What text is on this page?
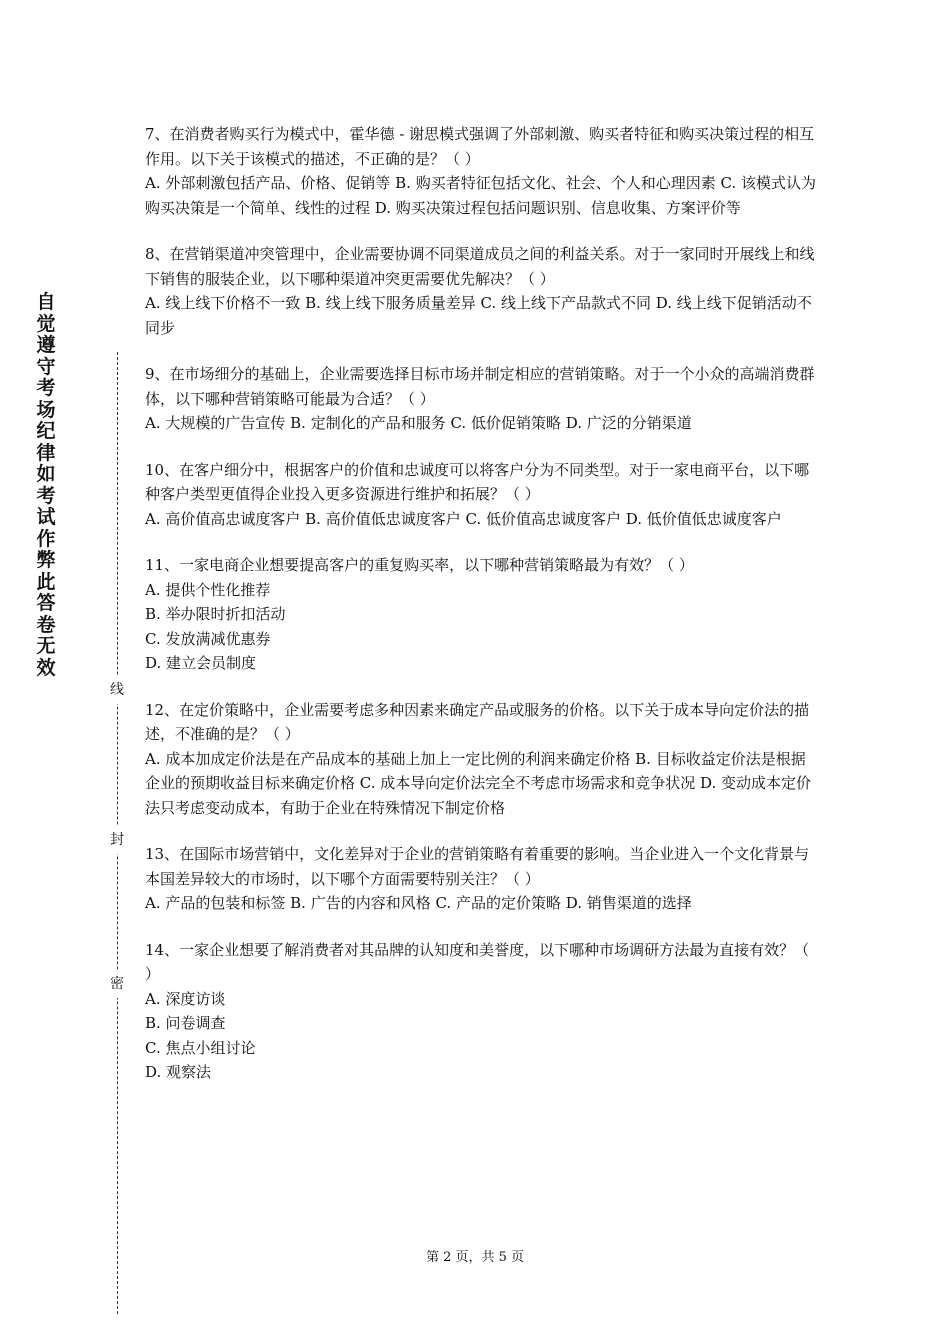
自觉遵守考场纪律如考试作弊此答卷无效
线
封
密

7、在消费者购买行为模式中，霍华德 - 谢思模式强调了外部刺激、购买者特征和购买决策过程的相互作用。以下关于该模式的描述，不正确的是？（ ）

A. 外部刺激包括产品、价格、促销等 B. 购买者特征包括文化、社会、个人和心理因素 C. 该模式认为购买决策是一个简单、线性的过程 D. 购买决策过程包括问题识别、信息收集、方案评价等

8、在营销渠道冲突管理中，企业需要协调不同渠道成员之间的利益关系。对于一家同时开展线上和线下销售的服装企业，以下哪种渠道冲突更需要优先解决？（ ）

A. 线上线下价格不一致 B. 线上线下服务质量差异 C. 线上线下产品款式不同 D. 线上线下促销活动不同步

9、在市场细分的基础上，企业需要选择目标市场并制定相应的营销策略。对于一个小众的高端消费群体，以下哪种营销策略可能最为合适？（ ）

A. 大规模的广告宣传 B. 定制化的产品和服务 C. 低价促销策略 D. 广泛的分销渠道

10、在客户细分中，根据客户的价值和忠诚度可以将客户分为不同类型。对于一家电商平台，以下哪种客户类型更值得企业投入更多资源进行维护和拓展？（ ）

A. 高价值高忠诚度客户 B. 高价值低忠诚度客户 C. 低价值高忠诚度客户 D. 低价值低忠诚度客户

11、一家电商企业想要提高客户的重复购买率，以下哪种营销策略最为有效？（ ）

A. 提供个性化推荐

B. 举办限时折扣活动

C. 发放满减优惠券

D. 建立会员制度

12、在定价策略中，企业需要考虑多种因素来确定产品或服务的价格。以下关于成本导向定价法的描述，不准确的是？（ ）

A. 成本加成定价法是在产品成本的基础上加上一定比例的利润来确定价格 B. 目标收益定价法是根据企业的预期收益目标来确定价格 C. 成本导向定价法完全不考虑市场需求和竞争状况 D. 变动成本定价法只考虑变动成本，有助于企业在特殊情况下制定价格

13、在国际市场营销中，文化差异对于企业的营销策略有着重要的影响。当企业进入一个文化背景与本国差异较大的市场时，以下哪个方面需要特别关注？（ ）

A. 产品的包装和标签 B. 广告的内容和风格 C. 产品的定价策略 D. 销售渠道的选择

14、一家企业想要了解消费者对其品牌的认知度和美誉度，以下哪种市场调研方法最为直接有效？（ ）

A. 深度访谈

B. 问卷调查

C. 焦点小组讨论

D. 观察法

第 2 页，共 5 页
